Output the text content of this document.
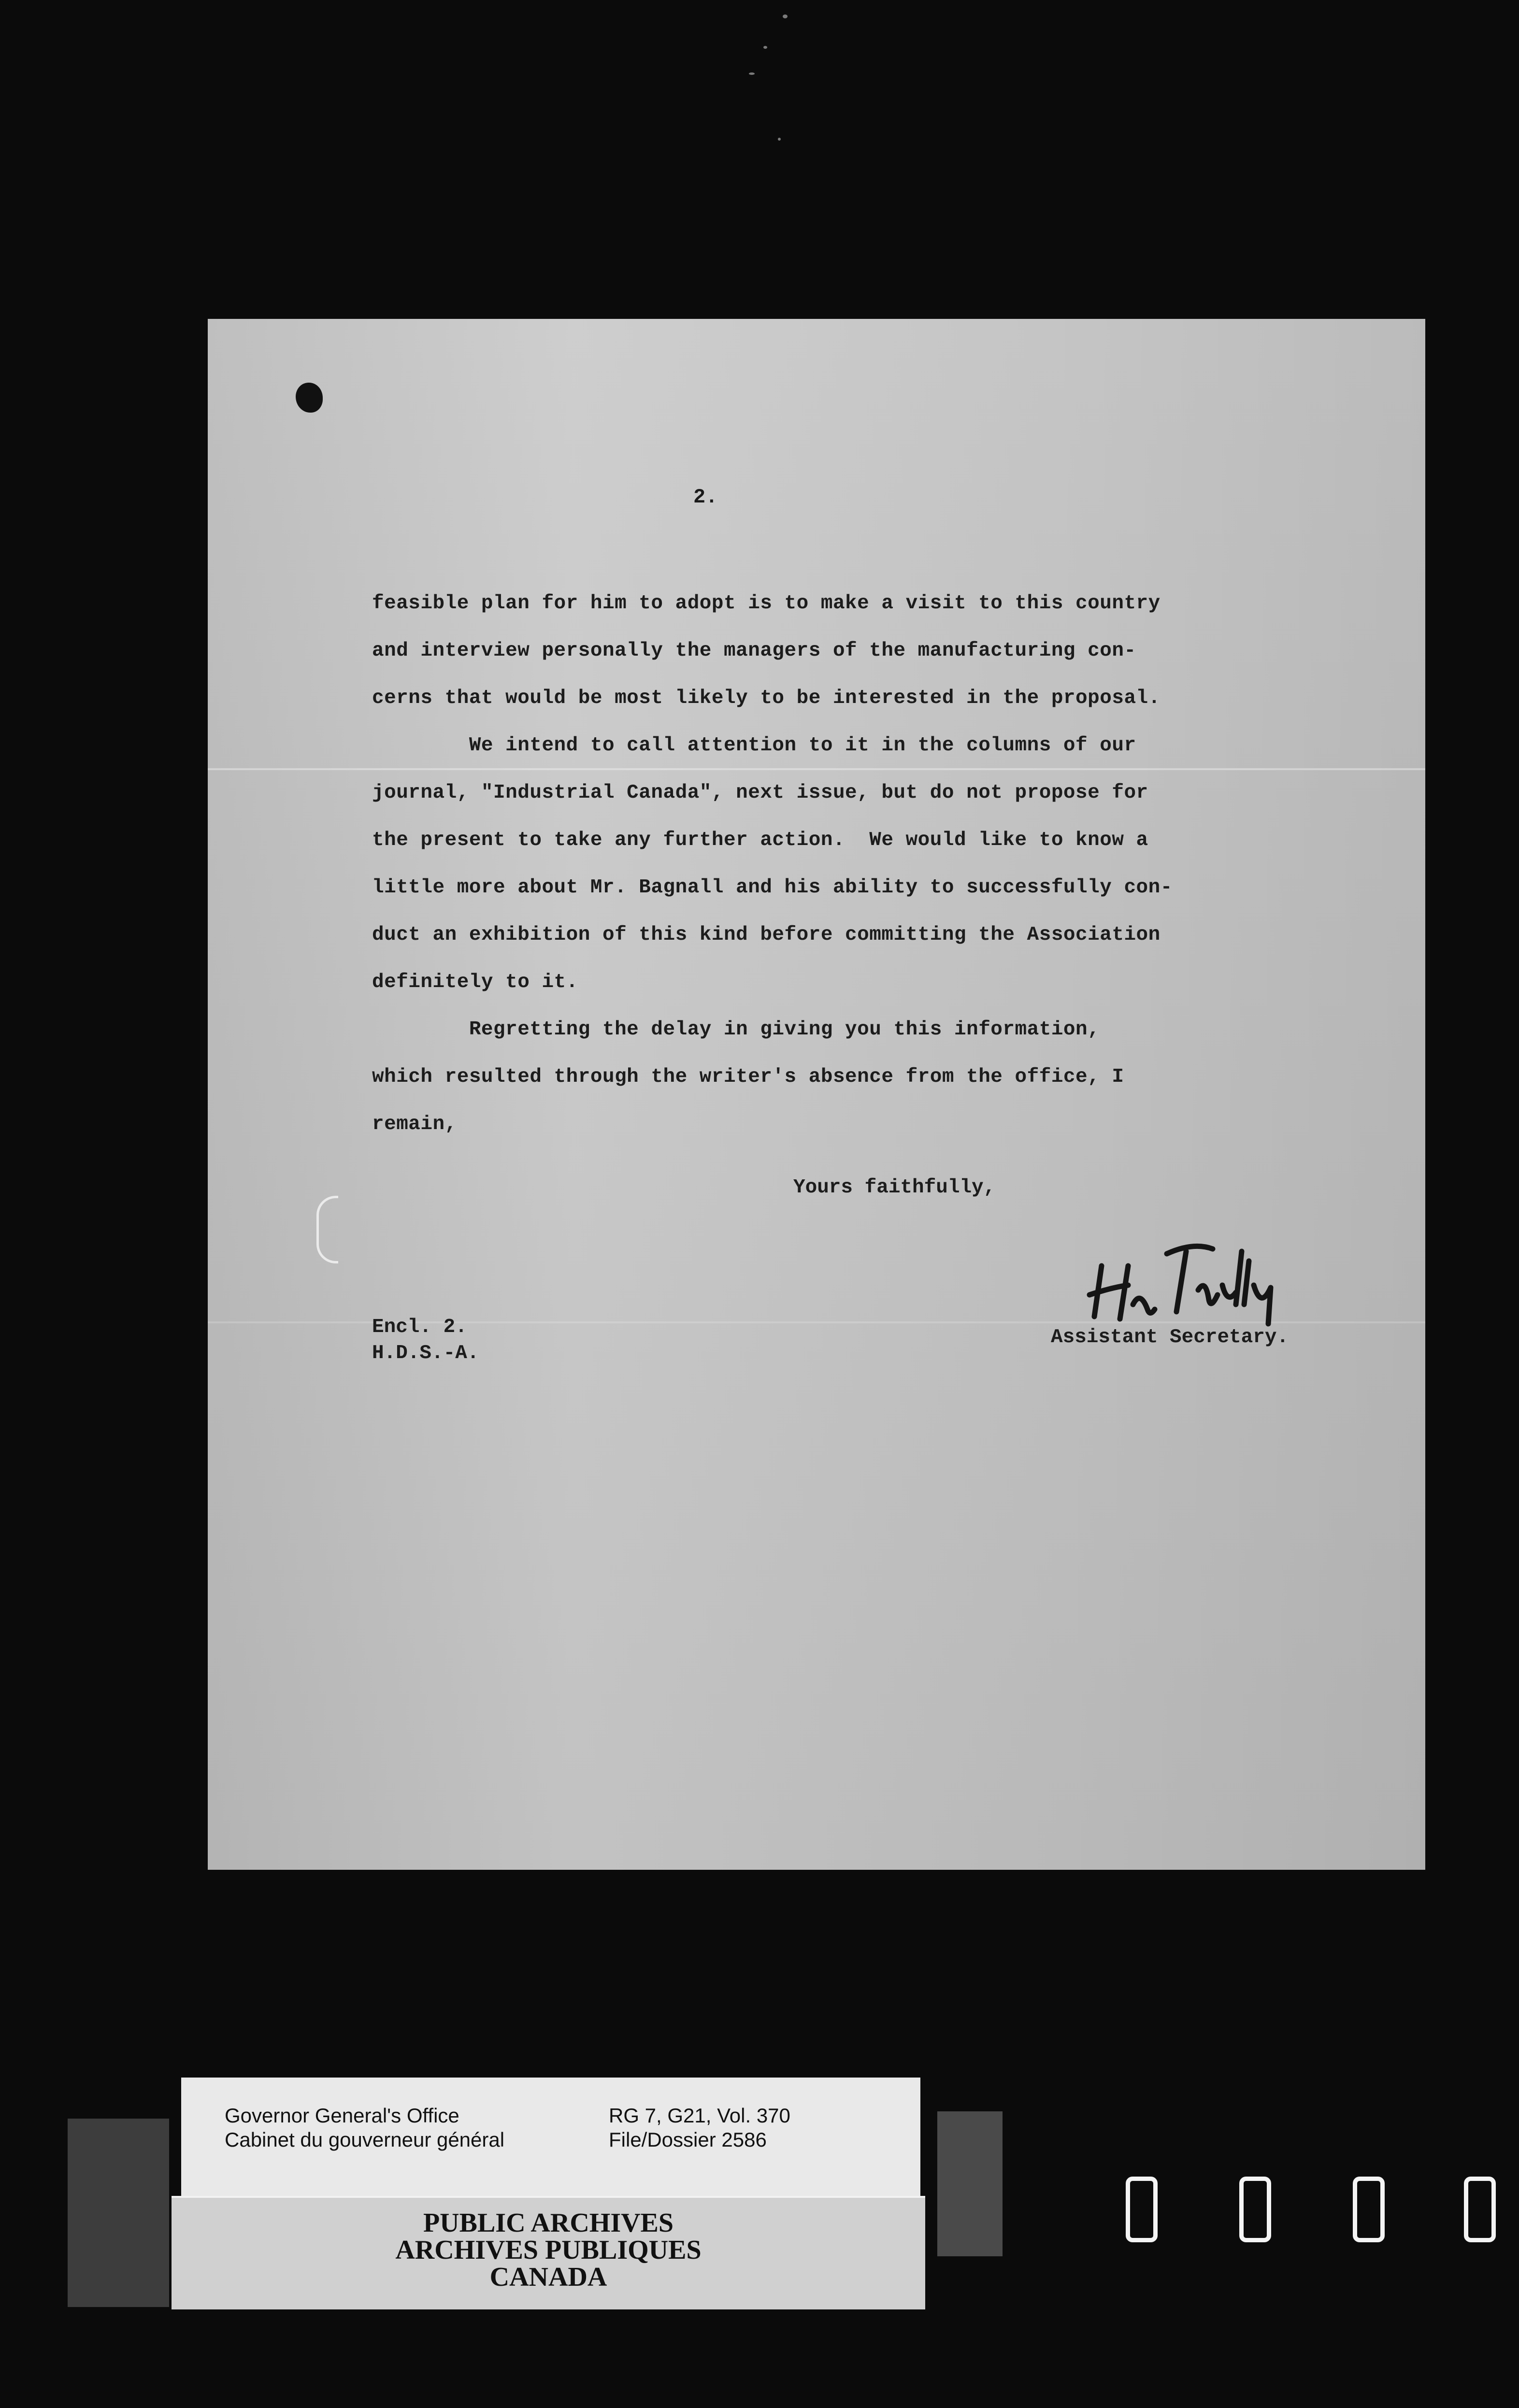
2.

feasible plan for him to adopt is to make a visit to this country
and interview personally the managers of the manufacturing con-
cerns that would be most likely to be interested in the proposal.

We intend to call attention to it in the columns of our
journal, "Industrial Canada", next issue, but do not propose for
the present to take any further action.  We would like to know a
little more about Mr. Bagnall and his ability to successfully con-
duct an exhibition of this kind before committing the Association
definitely to it.

Regretting the delay in giving you this information,
which resulted through the writer's absence from the office, I
remain,

Yours faithfully,
Encl. 2.
H.D.S.-A.
Assistant Secretary.
Governor General's Office
Cabinet du gouverneur général
RG 7, G21, Vol. 370
File/Dossier 2586
PUBLIC ARCHIVES
ARCHIVES PUBLIQUES
CANADA
